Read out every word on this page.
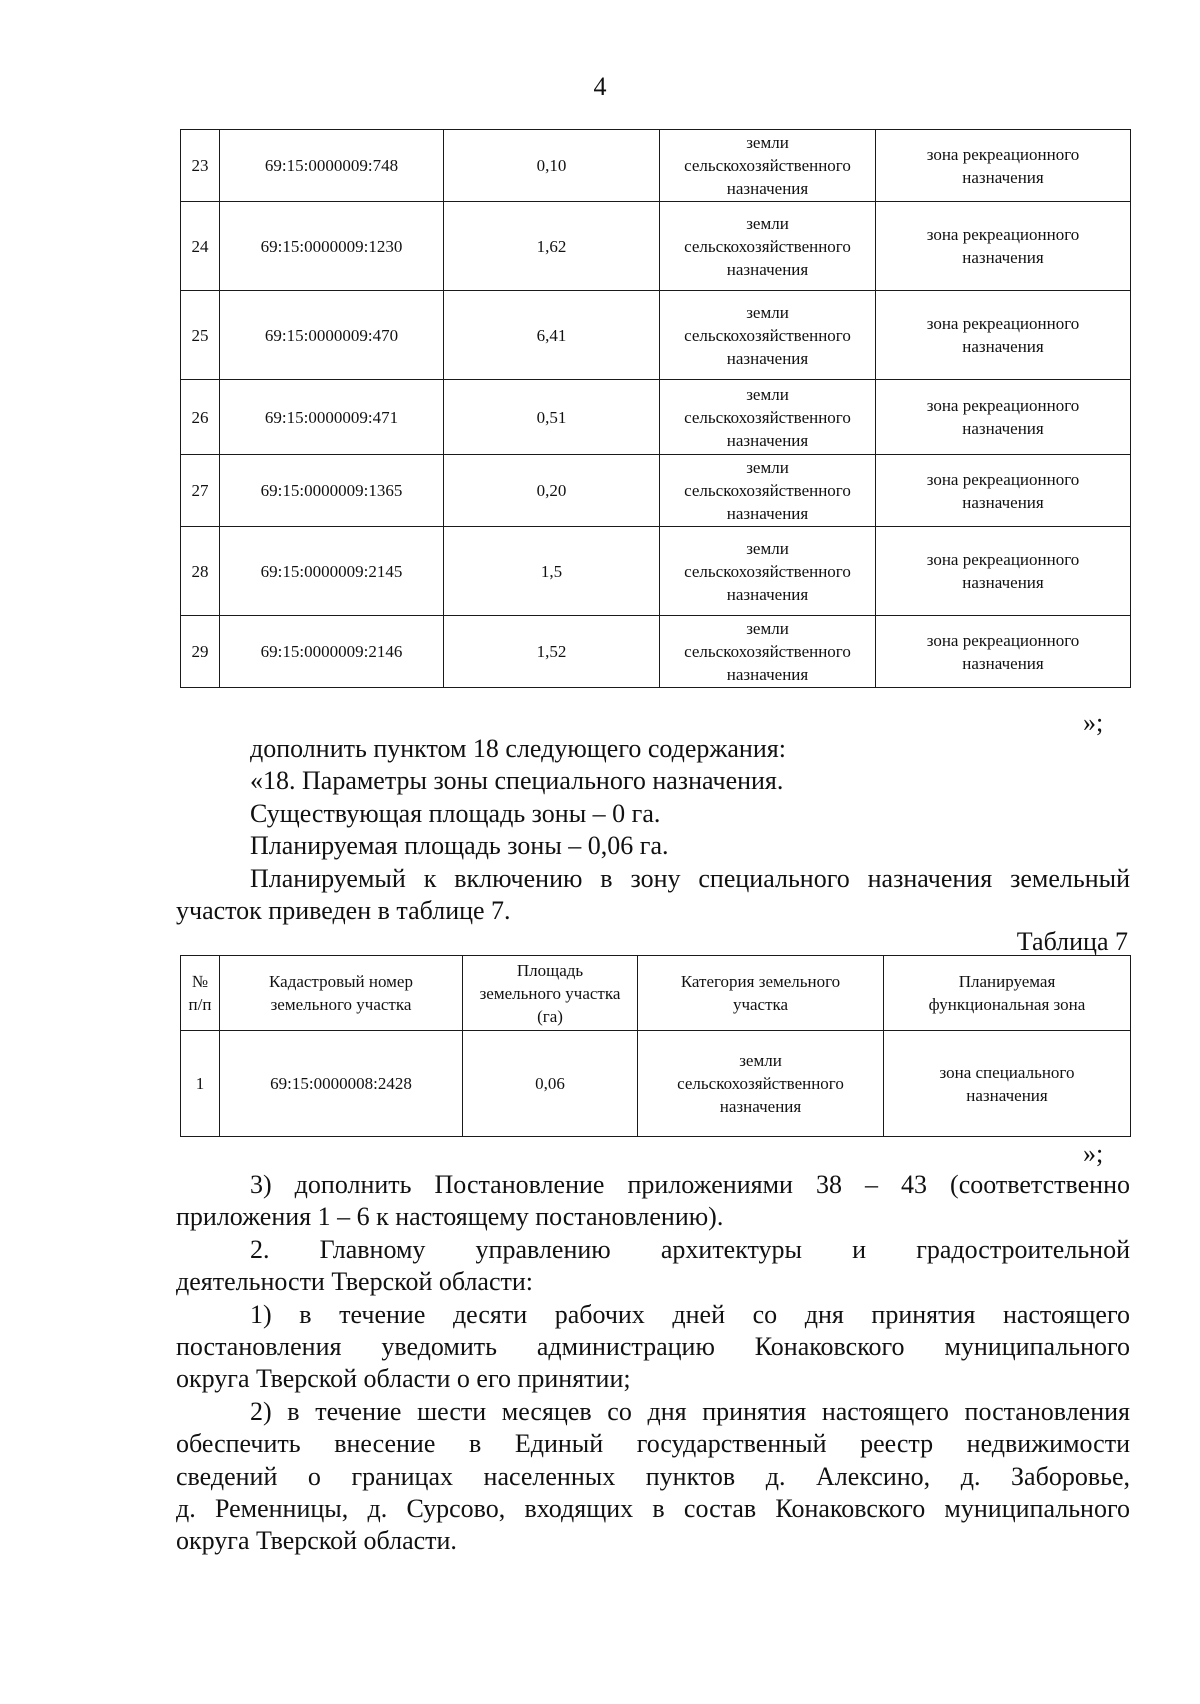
4
23	69:15:0000009:748	0,10	земли
сельскохозяйственного
назначения	зона рекреационного
назначения

24	69:15:0000009:1230	1,62	земли
сельскохозяйственного
назначения	зона рекреационного
назначения

25	69:15:0000009:470	6,41	земли
сельскохозяйственного
назначения	зона рекреационного
назначения

26	69:15:0000009:471	0,51	земли
сельскохозяйственного
назначения	зона рекреационного
назначения

27	69:15:0000009:1365	0,20	земли
сельскохозяйственного
назначения	зона рекреационного
назначения

28	69:15:0000009:2145	1,5	земли
сельскохозяйственного
назначения	зона рекреационного
назначения

29	69:15:0000009:2146	1,52	земли
сельскохозяйственного
назначения	зона рекреационного
назначения
»;

дополнить пунктом 18 следующего содержания:

«18. Параметры зоны специального назначения.

Существующая площадь зоны – 0 га.

Планируемая площадь зоны – 0,06 га.

Планируемый к включению в зону специального назначения земельный

участок приведен в таблице 7.

Таблица 7
№
п/п	Кадастровый номер
земельного участка	Площадь
земельного участка
(га)	Категория земельного
участка	Планируемая
функциональная зона

1	69:15:0000008:2428	0,06	земли
сельскохозяйственного
назначения	зона специального
назначения
»;

3) дополнить Постановление приложениями 38 – 43 (соответственно

приложения 1 – 6 к настоящему постановлению).

2. Главному управлению архитектуры и градостроительной

деятельности Тверской области:

1) в течение десяти рабочих дней со дня принятия настоящего

постановления уведомить администрацию Конаковского муниципального

округа Тверской области о его принятии;

2) в течение шести месяцев со дня принятия настоящего постановления

обеспечить внесение в Единый государственный реестр недвижимости

сведений о границах населенных пунктов д. Алексино, д. Заборовье,

д. Ременницы, д. Сурсово, входящих в состав Конаковского муниципального

округа Тверской области.
